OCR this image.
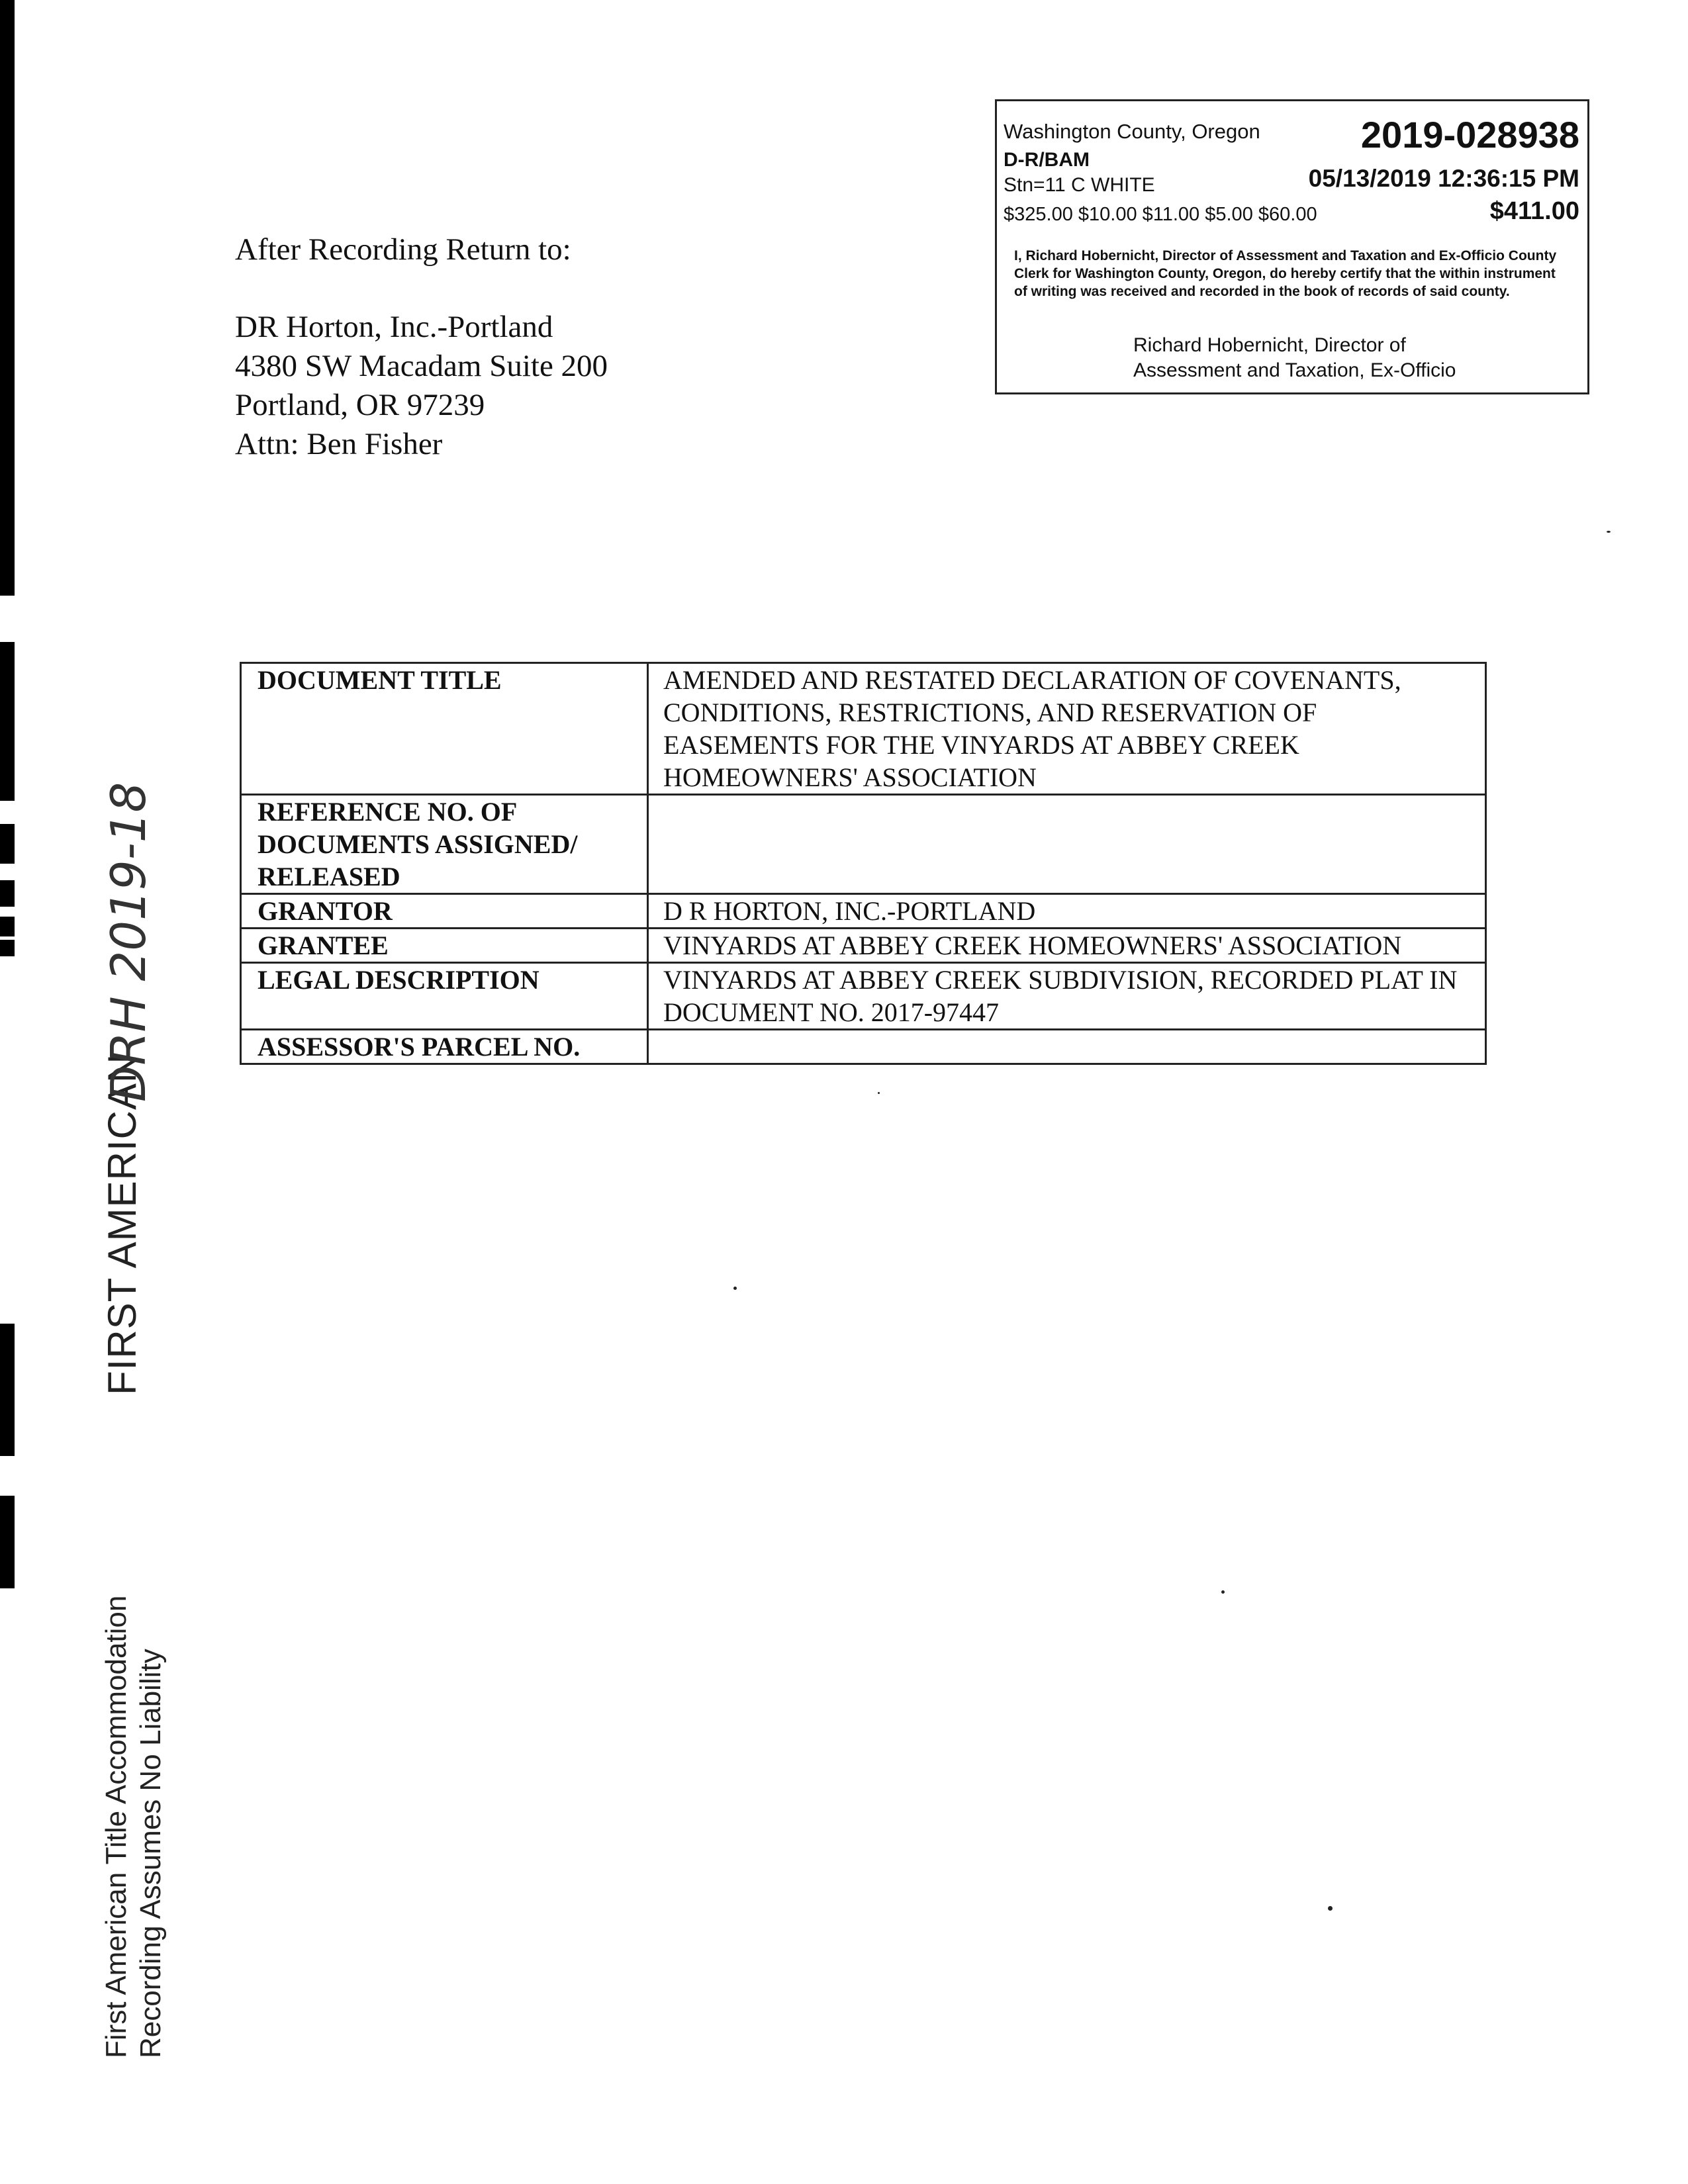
Washington County, Oregon	2019-028938
D-R/BAM
Stn=11 C WHITE	05/13/2019 12:36:15 PM
$325.00 $10.00 $11.00 $5.00 $60.00	$411.00
I, Richard Hobernicht, Director of Assessment and Taxation and Ex-Officio County Clerk for Washington County, Oregon, do hereby certify that the within instrument of writing was received and recorded in the book of records of said county.
Richard Hobernicht, Director of
Assessment and Taxation, Ex-Officio
After Recording Return to:
DR Horton, Inc.-Portland
4380 SW Macadam Suite 200
Portland, OR 97239
Attn: Ben Fisher
DOCUMENT TITLE	AMENDED AND RESTATED DECLARATION OF COVENANTS, CONDITIONS, RESTRICTIONS, AND RESERVATION OF EASEMENTS FOR THE VINYARDS AT ABBEY CREEK HOMEOWNERS' ASSOCIATION
REFERENCE NO. OF DOCUMENTS ASSIGNED/ RELEASED	
GRANTOR	D R HORTON, INC.-PORTLAND
GRANTEE	VINYARDS AT ABBEY CREEK HOMEOWNERS' ASSOCIATION
LEGAL DESCRIPTION	VINYARDS AT ABBEY CREEK SUBDIVISION, RECORDED PLAT IN DOCUMENT NO. 2017-97447
ASSESSOR'S PARCEL NO.	
FIRST AMERICAN
DRH 2019-18
First American Title Accommodation Recording Assumes No Liability
